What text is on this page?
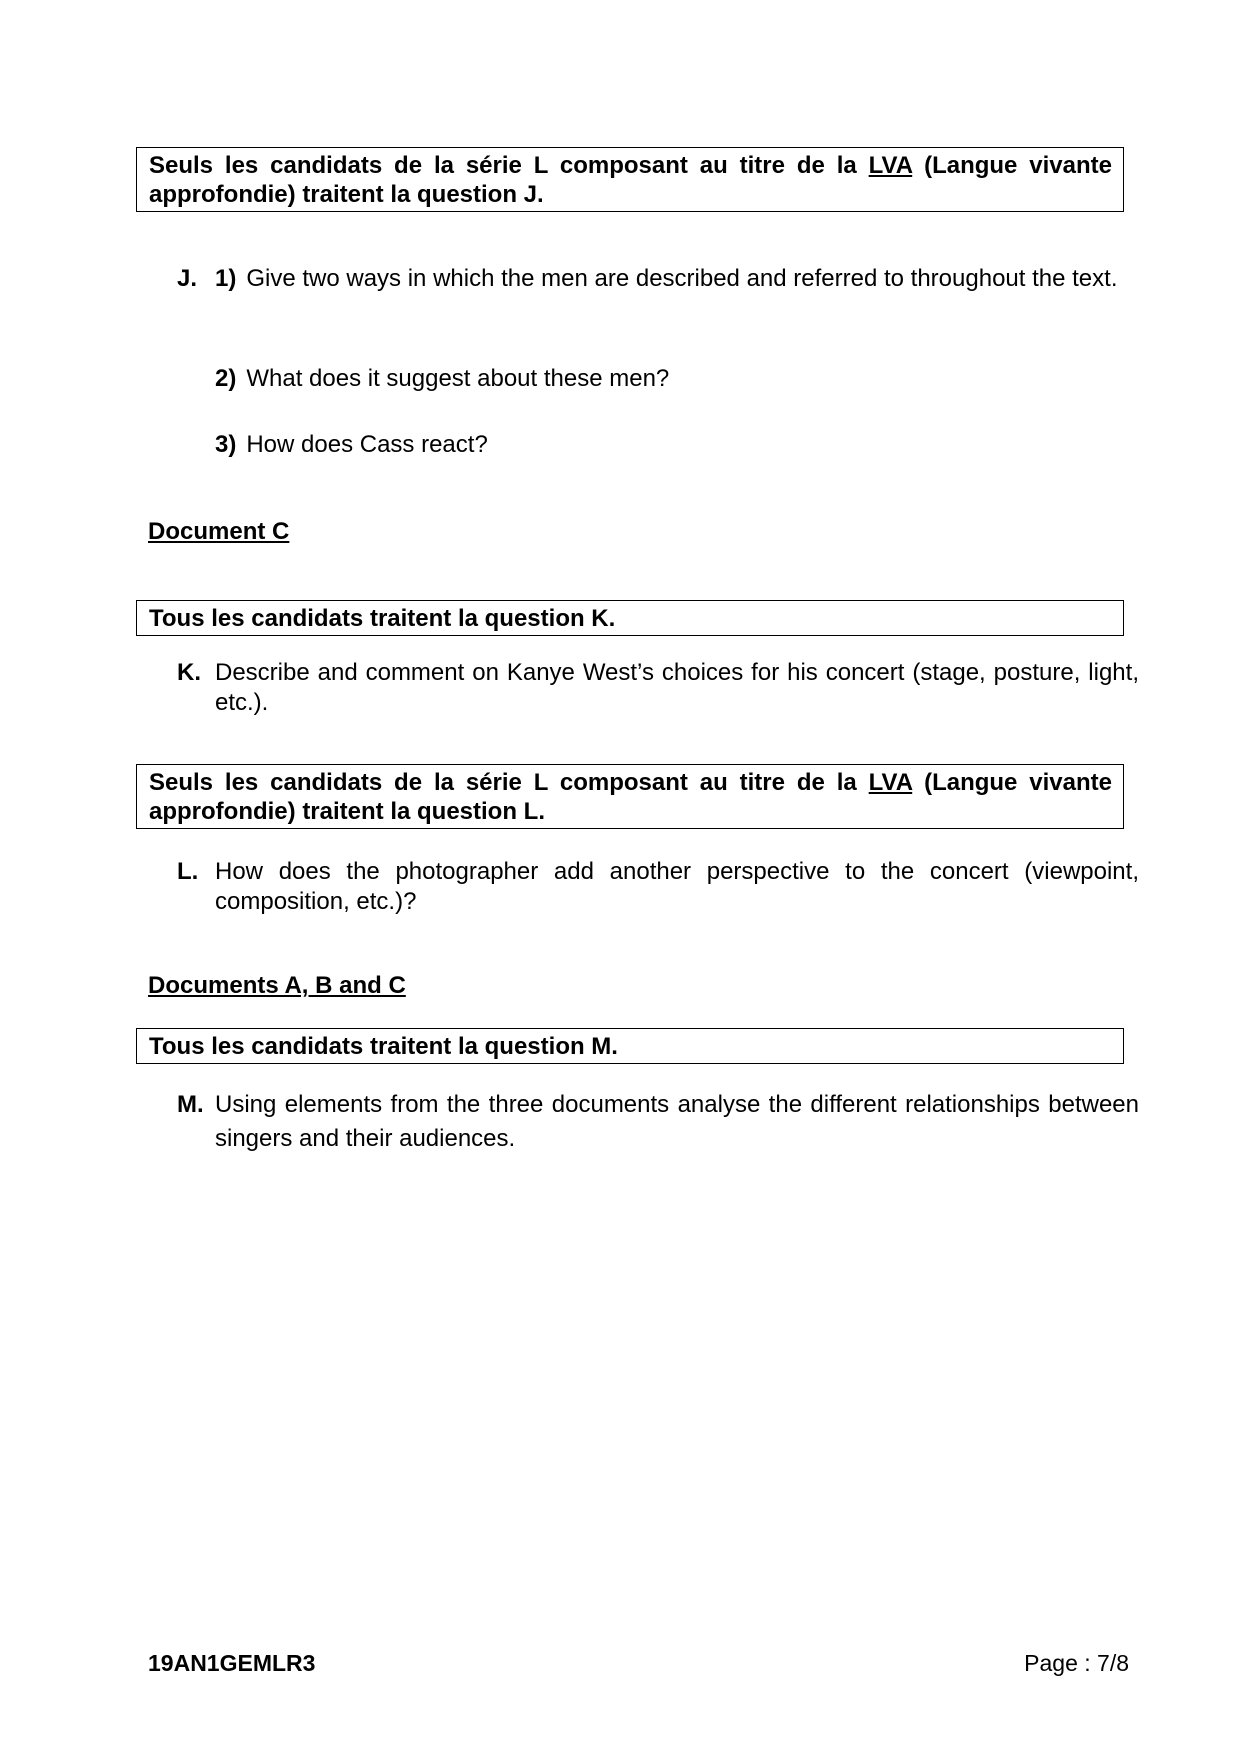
Seuls les candidats de la série L composant au titre de la LVA (Langue vivante approfondie) traitent la question J.
J. 1) Give two ways in which the men are described and referred to throughout the text.
2) What does it suggest about these men?
3) How does Cass react?
Document C
Tous les candidats traitent la question K.
K. Describe and comment on Kanye West’s choices for his concert (stage, posture, light, etc.).
Seuls les candidats de la série L composant au titre de la LVA (Langue vivante approfondie) traitent la question L.
L. How does the photographer add another perspective to the concert (viewpoint, composition, etc.)?
Documents A, B and C
Tous les candidats traitent la question M.
M. Using elements from the three documents analyse the different relationships between singers and their audiences.
19AN1GEMLR3	Page : 7/8
